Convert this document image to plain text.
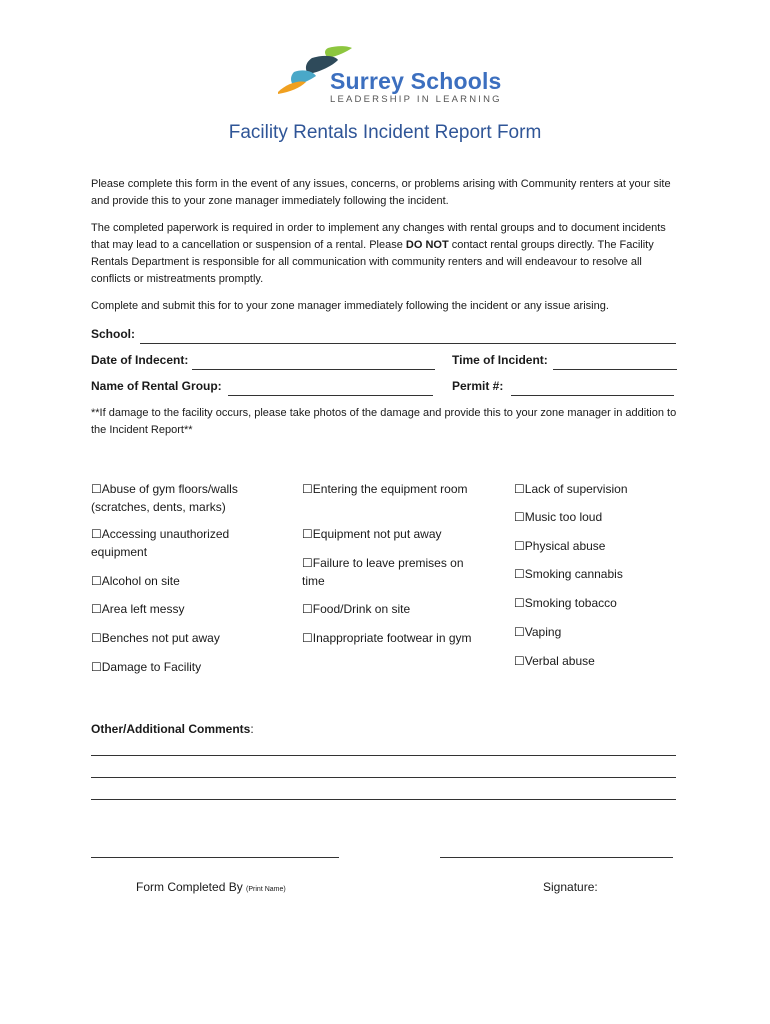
Surrey Schools
LEADERSHIP IN LEARNING
Facility Rentals Incident Report Form
Please complete this form in the event of any issues, concerns, or problems arising with Community renters at your site and provide this to your zone manager immediately following the incident.
The completed paperwork is required in order to implement any changes with rental groups and to document incidents that may lead to a cancellation or suspension of a rental. Please DO NOT contact rental groups directly. The Facility Rentals Department is responsible for all communication with community renters and will endeavour to resolve all conflicts or mistreatments promptly.
Complete and submit this for to your zone manager immediately following the incident or any issue arising.
School:
Date of Indecent:	Time of Incident:
Name of Rental Group:	Permit #:
**If damage to the facility occurs, please take photos of the damage and provide this to your zone manager in addition to the Incident Report**
☐Abuse of gym floors/walls (scratches, dents, marks)
☐Accessing unauthorized equipment
☐Alcohol on site
☐Area left messy
☐Benches not put away
☐Damage to Facility
☐Entering the equipment room
☐Equipment not put away
☐Failure to leave premises on time
☐Food/Drink on site
☐Inappropriate footwear in gym
☐Lack of supervision
☐Music too loud
☐Physical abuse
☐Smoking cannabis
☐Smoking tobacco
☐Vaping
☐Verbal abuse
Other/Additional Comments:
Form Completed By (Print Name)	Signature:
